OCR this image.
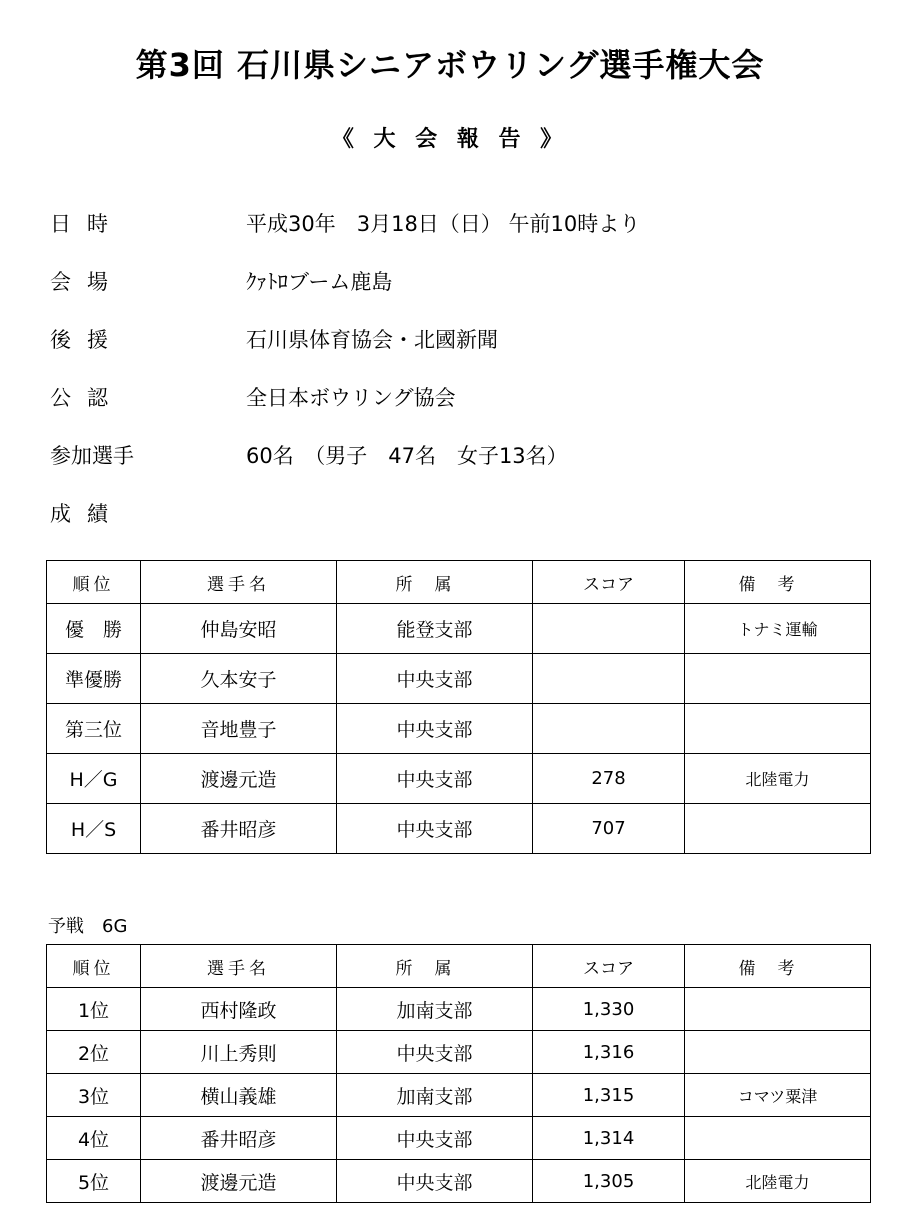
第3回 石川県シニアボウリング選手権大会
《 大 会 報 告 》
日時	平成30年　3月18日（日） 午前10時より
会場	ｸｧﾄﾛブーム鹿島
後援	石川県体育協会・北國新聞
公認	全日本ボウリング協会
参加選手	60名　（男子　47名　女子13名）
成績
順位	選手名	所属	スコア	備考
優　勝	仲島安昭	能登支部		トナミ運輸
準優勝	久本安子	中央支部		
第三位	音地豊子	中央支部		
H／G	渡邊元造	中央支部	278	北陸電力
H／S	番井昭彦	中央支部	707	
予戦　6G
順位	選手名	所属	スコア	備考
1位	西村隆政	加南支部	1,330	
2位	川上秀則	中央支部	1,316	
3位	横山義雄	加南支部	1,315	コマツ粟津
4位	番井昭彦	中央支部	1,314	
5位	渡邊元造	中央支部	1,305	北陸電力
